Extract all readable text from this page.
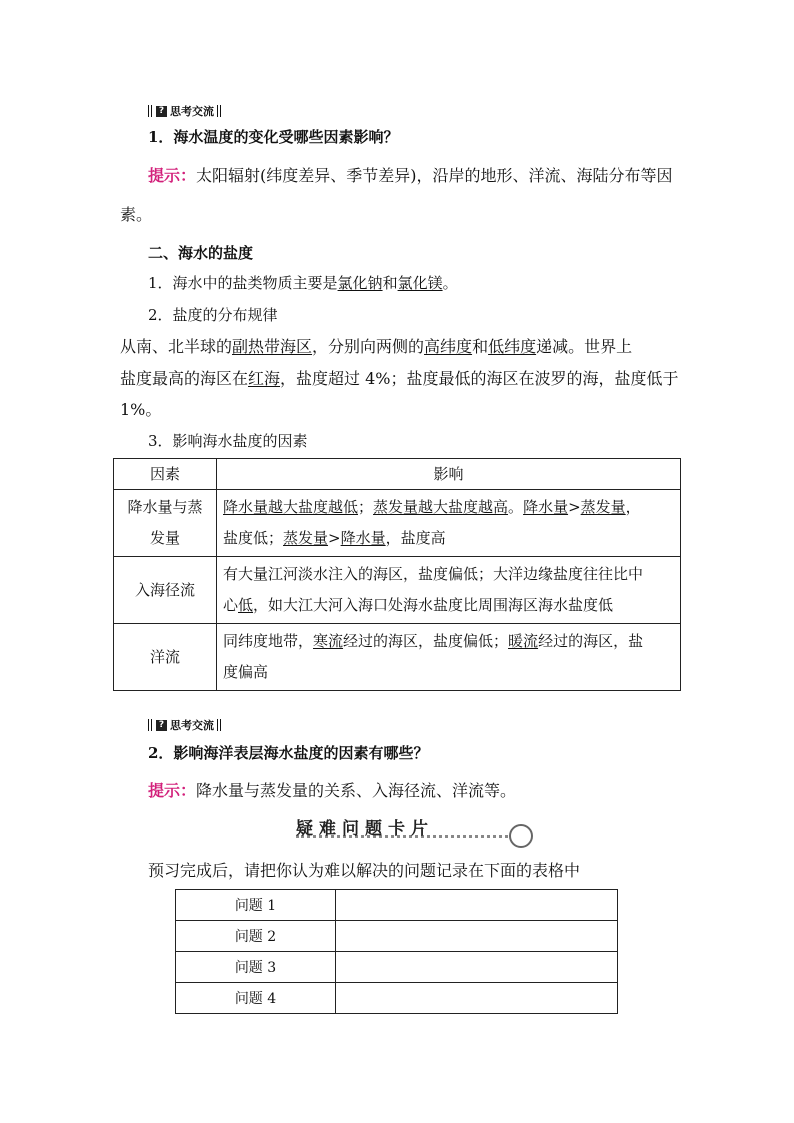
? 思考交流
1．海水温度的变化受哪些因素影响？
提示：太阳辐射(纬度差异、季节差异)，沿岸的地形、洋流、海陆分布等因
素。
二、海水的盐度
1．海水中的盐类物质主要是氯化钠和氯化镁。
2．盐度的分布规律
从南、北半球的副热带海区，分别向两侧的高纬度和低纬度递减。世界上
盐度最高的海区在红海，盐度超过 4%；盐度最低的海区在波罗的海，盐度低于
1%。
3．影响海水盐度的因素
因素	影响
降水量与蒸
发量	降水量越大盐度越低；蒸发量越大盐度越高。降水量>蒸发量，
盐度低；蒸发量>降水量，盐度高
入海径流	有大量江河淡水注入的海区，盐度偏低；大洋边缘盐度往往比中
心低，如大江大河入海口处海水盐度比周围海区海水盐度低
洋流	同纬度地带，寒流经过的海区，盐度偏低；暖流经过的海区，盐
度偏高
? 思考交流
2．影响海洋表层海水盐度的因素有哪些？
提示：降水量与蒸发量的关系、入海径流、洋流等。
疑难问题卡片
预习完成后，请把你认为难以解决的问题记录在下面的表格中
问题 1	
问题 2	
问题 3	
问题 4	
